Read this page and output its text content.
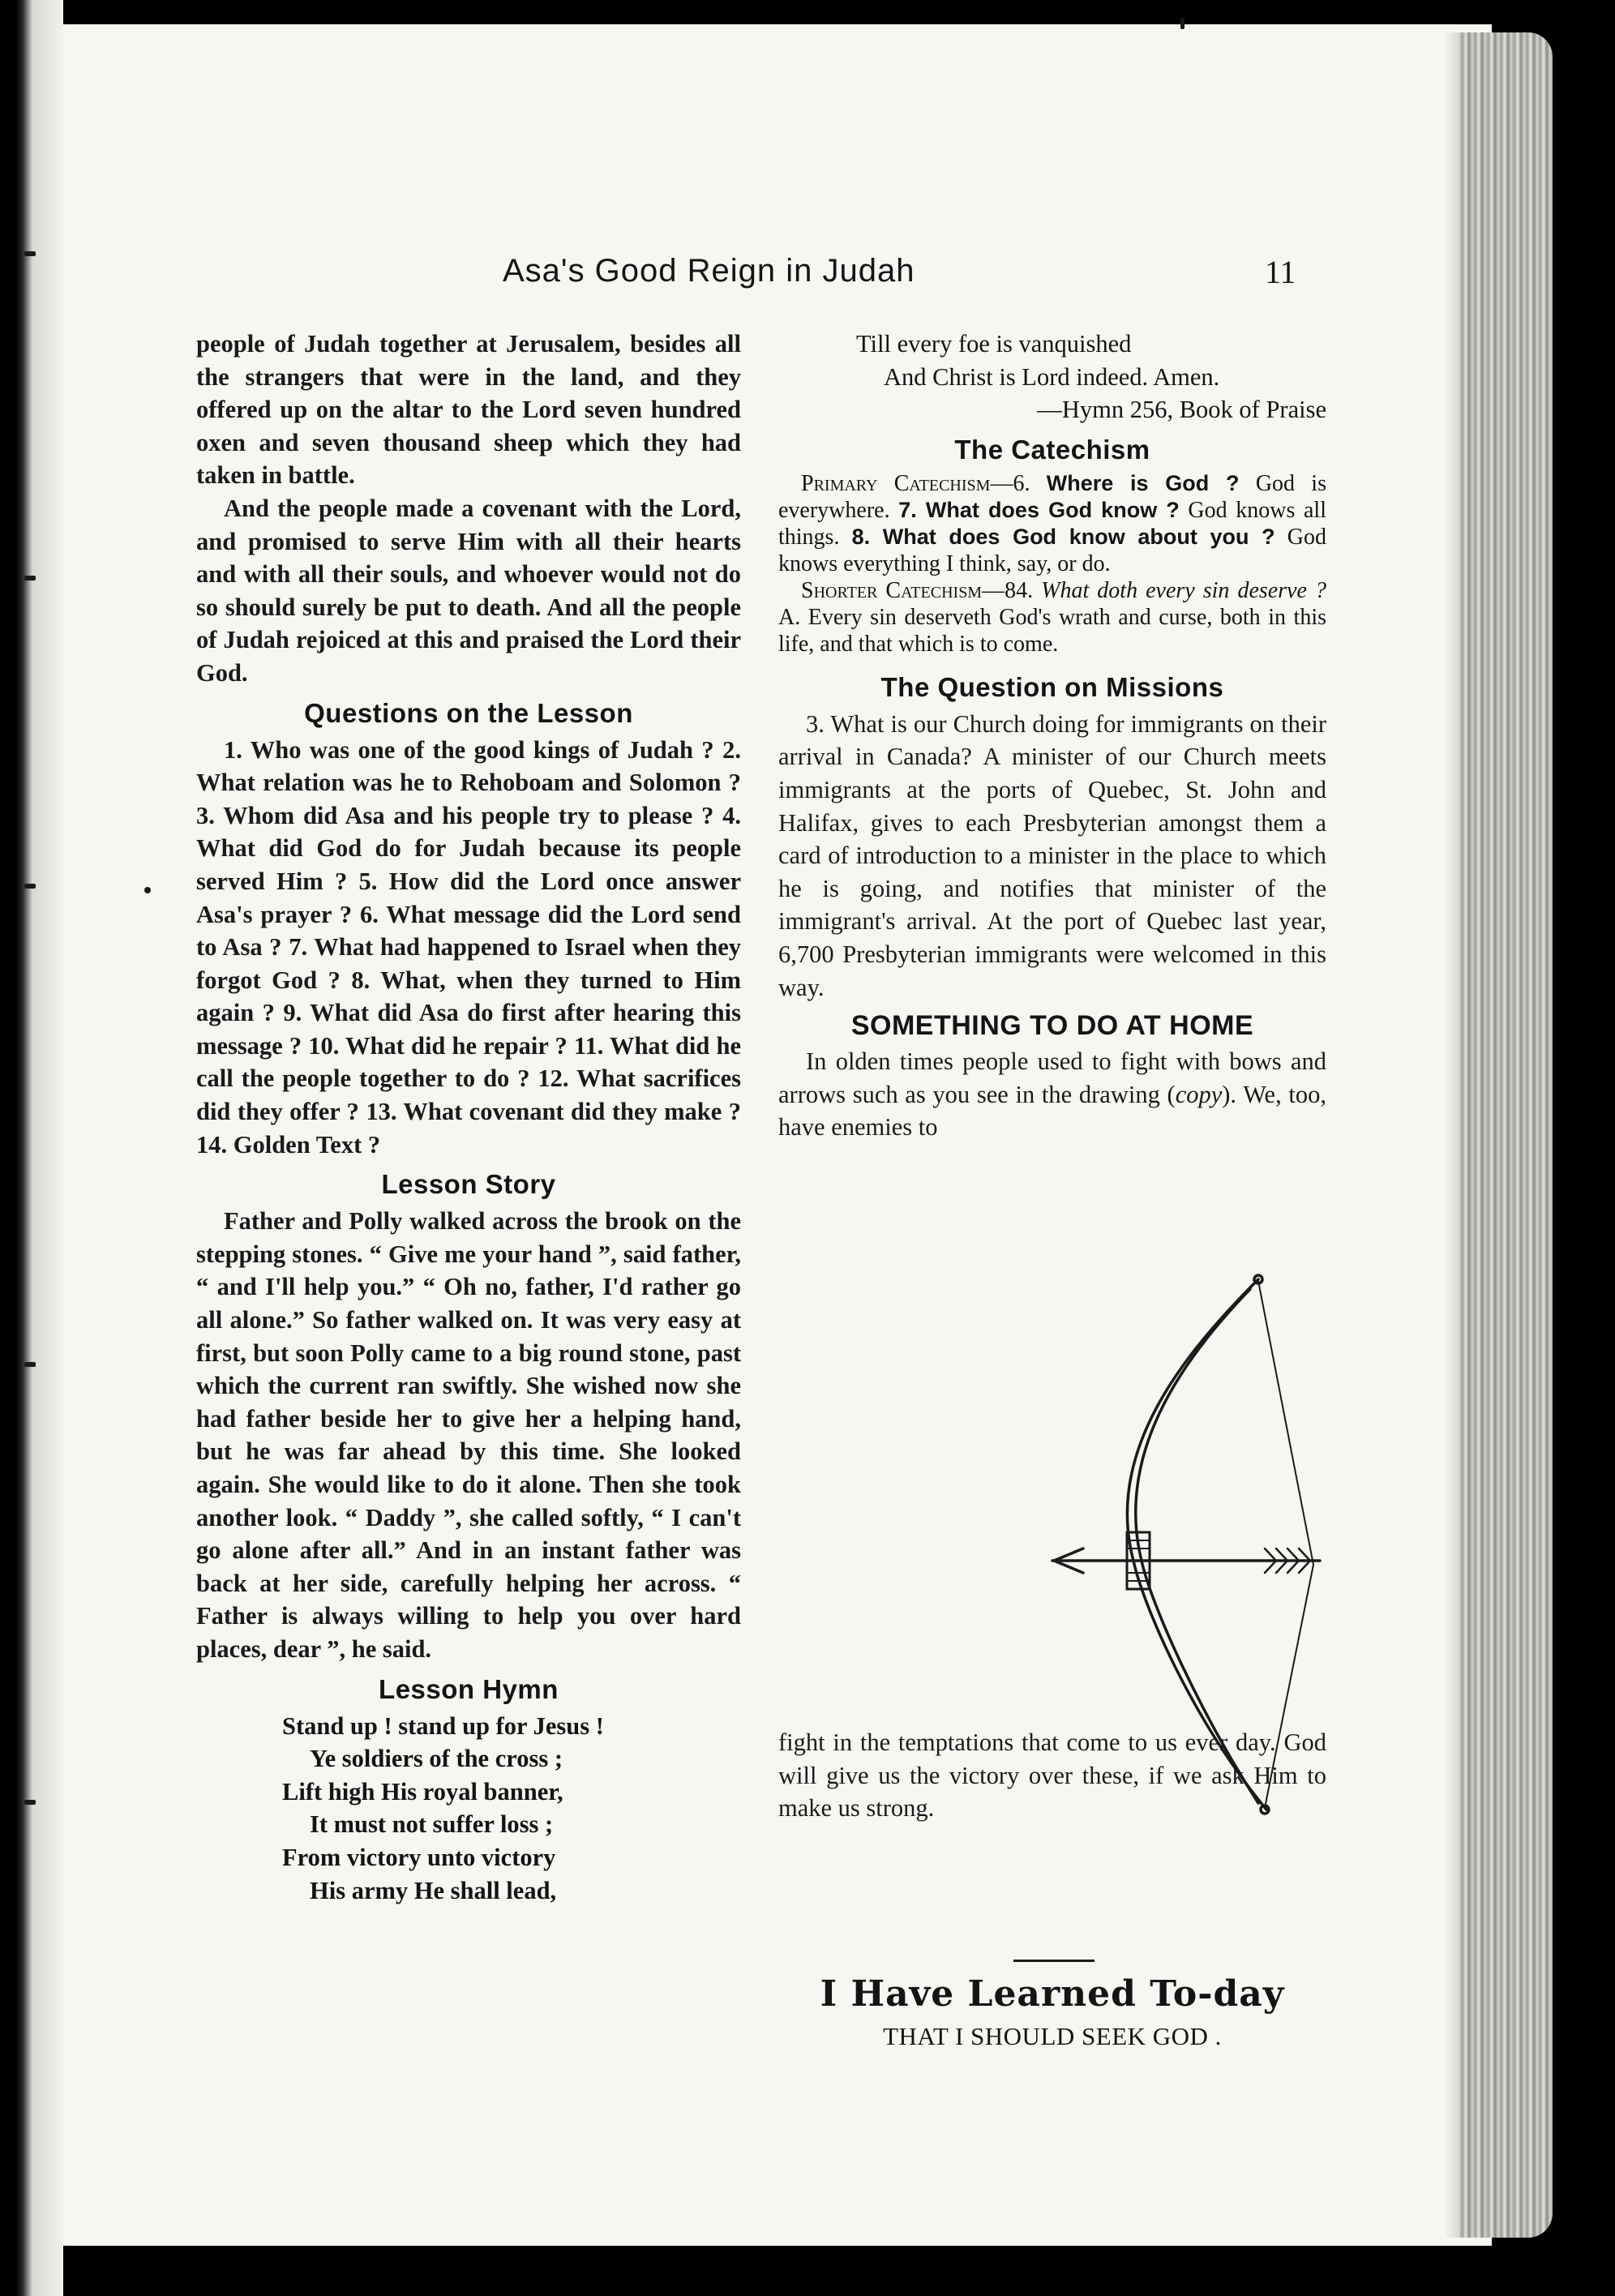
Asa's Good Reign in Judah	11

people of Judah together at Jerusalem, besides all the strangers that were in the land, and they offered up on the altar to the Lord seven hundred oxen and seven thousand sheep which they had taken in battle.

And the people made a covenant with the Lord, and promised to serve Him with all their hearts and with all their souls, and whoever would not do so should surely be put to death. And all the people of Judah rejoiced at this and praised the Lord their God.

Questions on the Lesson

1. Who was one of the good kings of Judah ? 2. What relation was he to Rehoboam and Solomon ? 3. Whom did Asa and his people try to please ? 4. What did God do for Judah because its people served Him ? 5. How did the Lord once answer Asa's prayer ? 6. What message did the Lord send to Asa ? 7. What had happened to Israel when they forgot God ? 8. What, when they turned to Him again ? 9. What did Asa do first after hearing this message ? 10. What did he repair ? 11. What did he call the people together to do ? 12. What sacrifices did they offer ? 13. What covenant did they make ? 14. Golden Text ?

Lesson Story

Father and Polly walked across the brook on the stepping stones. “ Give me your hand ”, said father, “ and I'll help you.” “ Oh no, father, I'd rather go all alone.” So father walked on. It was very easy at first, but soon Polly came to a big round stone, past which the current ran swiftly. She wished now she had father beside her to give her a helping hand, but he was far ahead by this time. She looked again. She would like to do it alone. Then she took another look. “ Daddy ”, she called softly, “ I can't go alone after all.” And in an instant father was back at her side, carefully helping her across. “ Father is always willing to help you over hard places, dear ”, he said.

Lesson Hymn

Stand up ! stand up for Jesus !

Ye soldiers of the cross ;

Lift high His royal banner,

It must not suffer loss ;

From victory unto victory

His army He shall lead,

Till every foe is vanquished

And Christ is Lord indeed. Amen.

—Hymn 256, Book of Praise

The Catechism

Primary Catechism—6. Where is God ? God is everywhere. 7. What does God know ? God knows all things. 8. What does God know about you ? God knows everything I think, say, or do.

Shorter Catechism—84. What doth every sin deserve ? A. Every sin deserveth God's wrath and curse, both in this life, and that which is to come.

The Question on Missions

3. What is our Church doing for immigrants on their arrival in Canada? A minister of our Church meets immigrants at the ports of Quebec, St. John and Halifax, gives to each Presbyterian amongst them a card of introduction to a minister in the place to which he is going, and notifies that minister of the immigrant's arrival. At the port of Quebec last year, 6,700 Presbyterian immigrants were welcomed in this way.

SOMETHING TO DO AT HOME

In olden times people used to fight with bows and arrows such as you see in the drawing (copy). We, too, have enemies to

fight in the temptations that come to us ever day. God will give us the victory over these, if we ask Him to make us strong.

I Have Learned To-day
THAT I SHOULD SEEK GOD .
